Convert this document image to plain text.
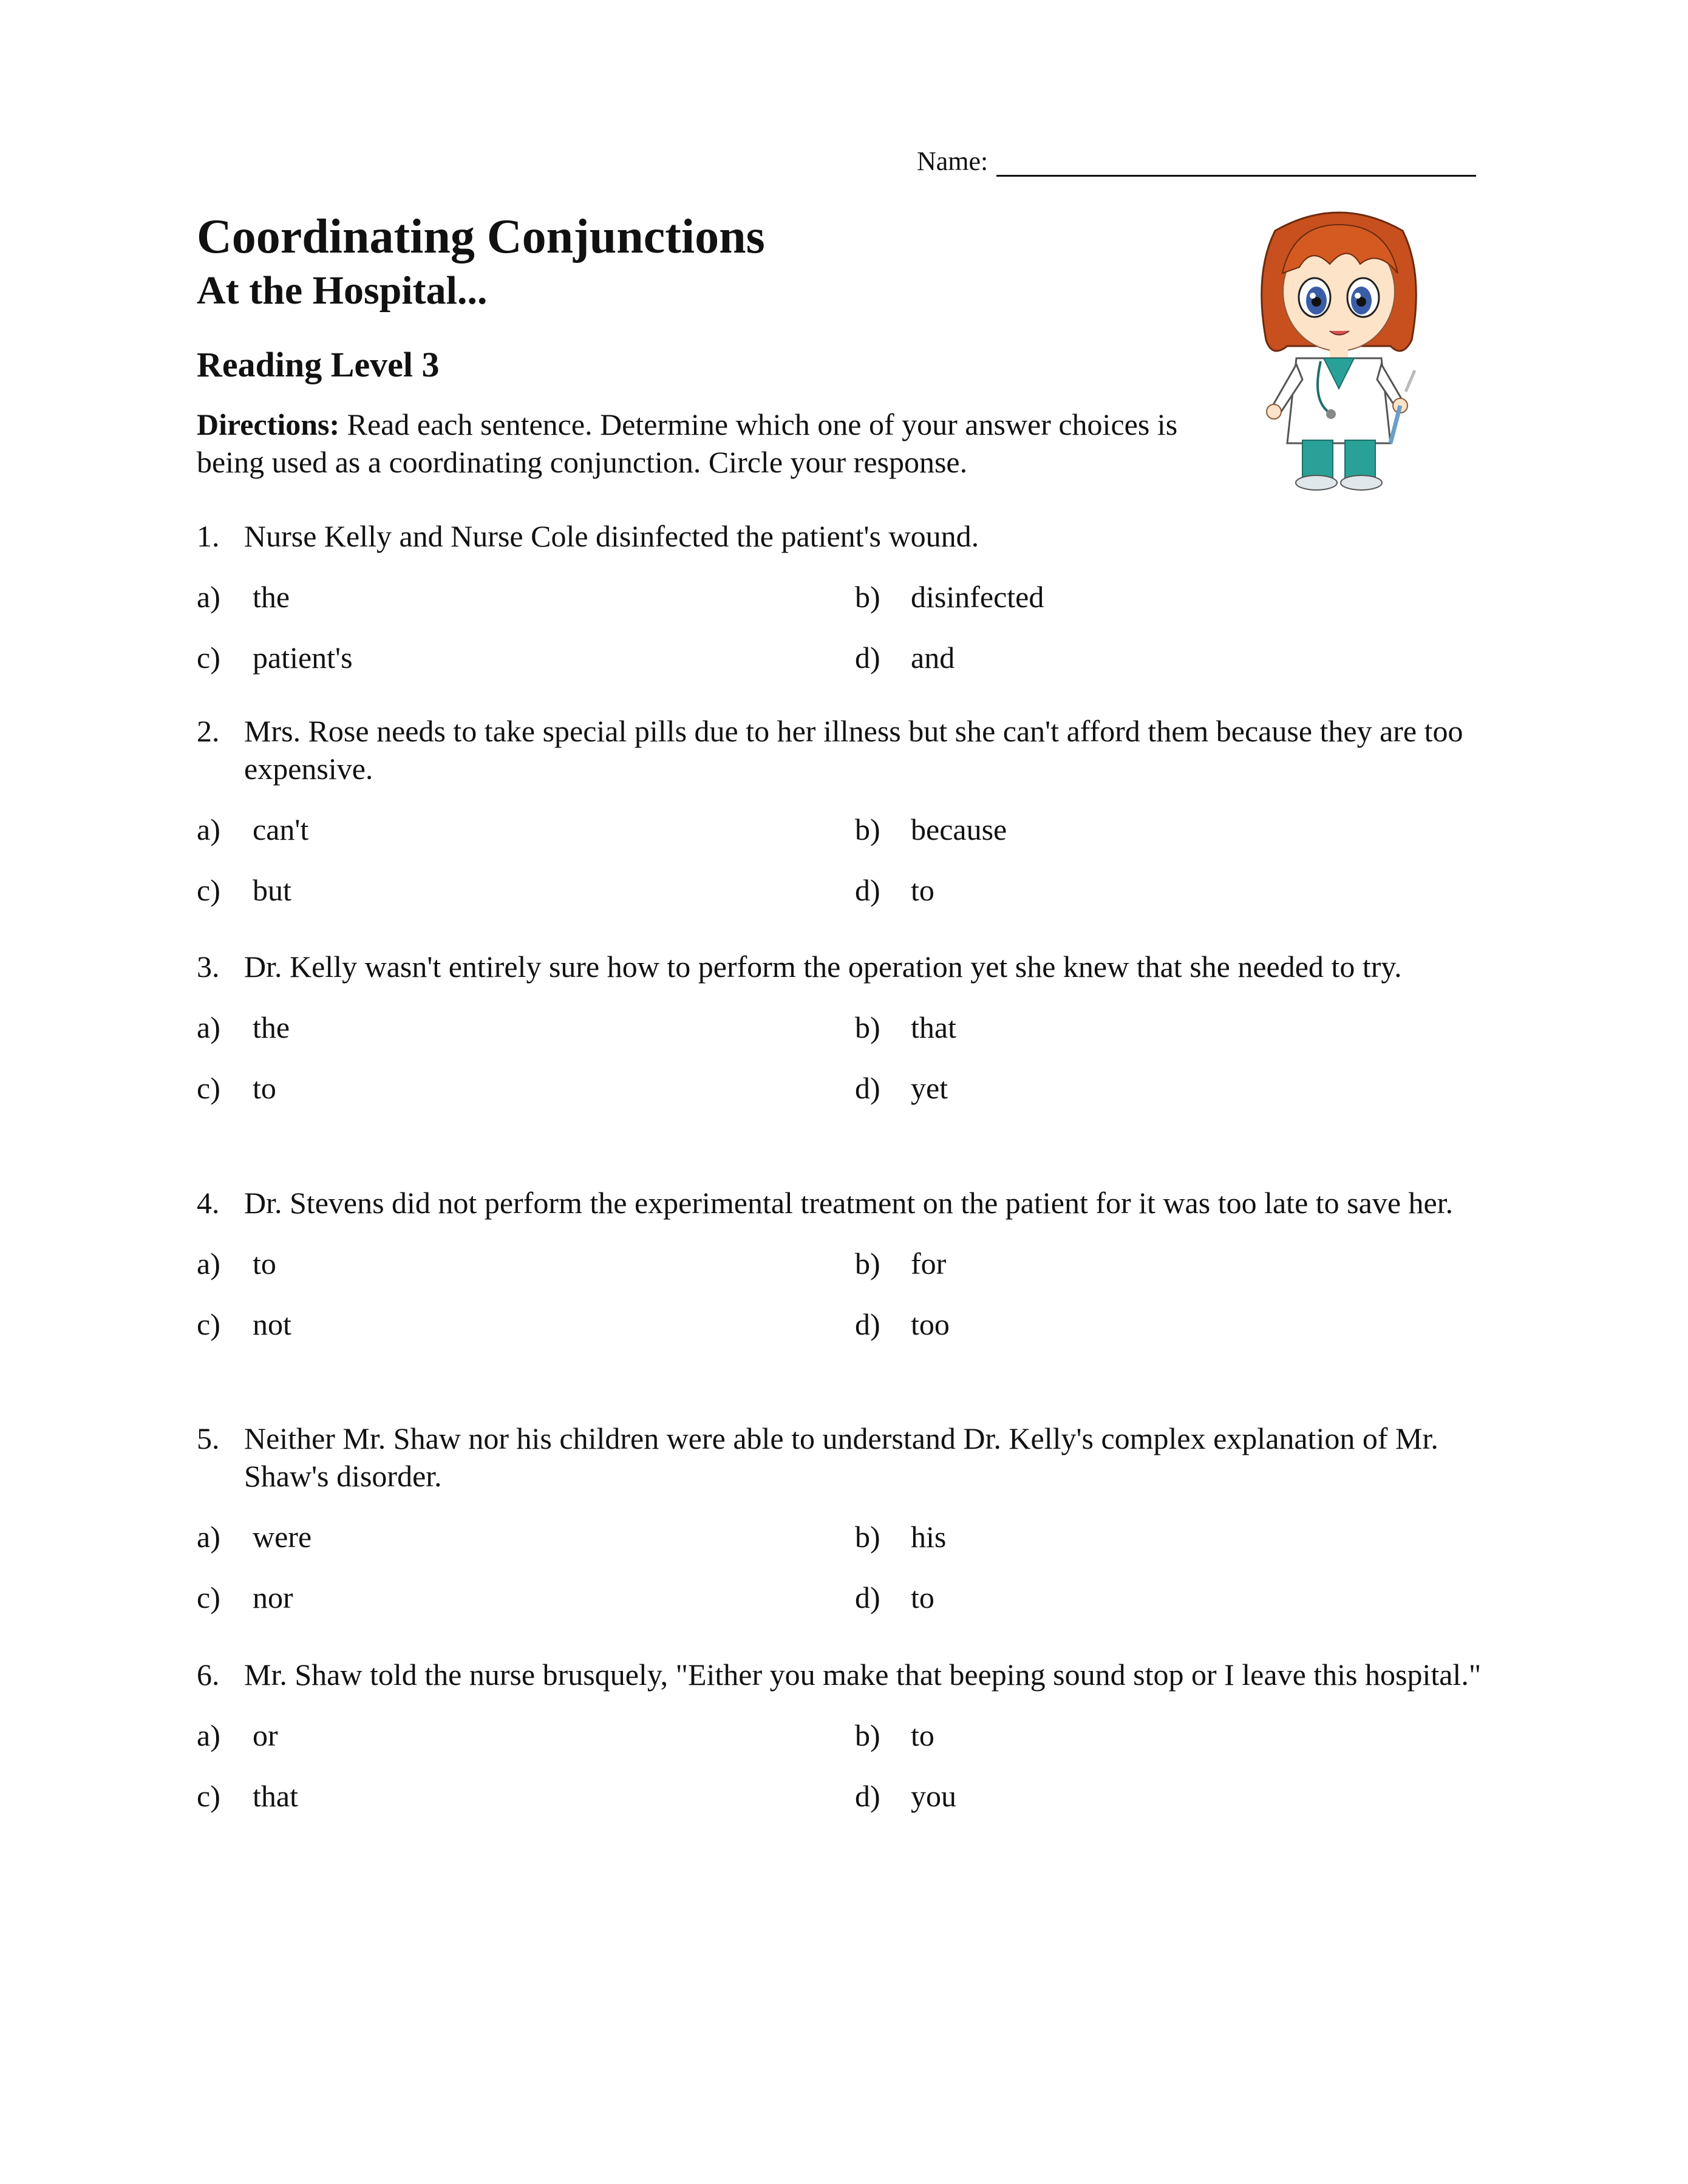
Name:
Coordinating Conjunctions
At the Hospital...
Reading Level 3
Directions: Read each sentence. Determine which one of your answer choices is being used as a coordinating conjunction. Circle your response.
1. Nurse Kelly and Nurse Cole disinfected the patient's wound.
a)	the	b)	disinfected
c)	patient's	d)	and
2. Mrs. Rose needs to take special pills due to her illness but she can't afford them because they are too expensive.
a)	can't	b)	because
c)	but	d)	to
3. Dr. Kelly wasn't entirely sure how to perform the operation yet she knew that she needed to try.
a)	the	b)	that
c)	to	d)	yet
4. Dr. Stevens did not perform the experimental treatment on the patient for it was too late to save her.
a)	to	b)	for
c)	not	d)	too
5. Neither Mr. Shaw nor his children were able to understand Dr. Kelly's complex explanation of Mr. Shaw's disorder.
a)	were	b)	his
c)	nor	d)	to
6. Mr. Shaw told the nurse brusquely, "Either you make that beeping sound stop or I leave this hospital."
a)	or	b)	to
c)	that	d)	you
